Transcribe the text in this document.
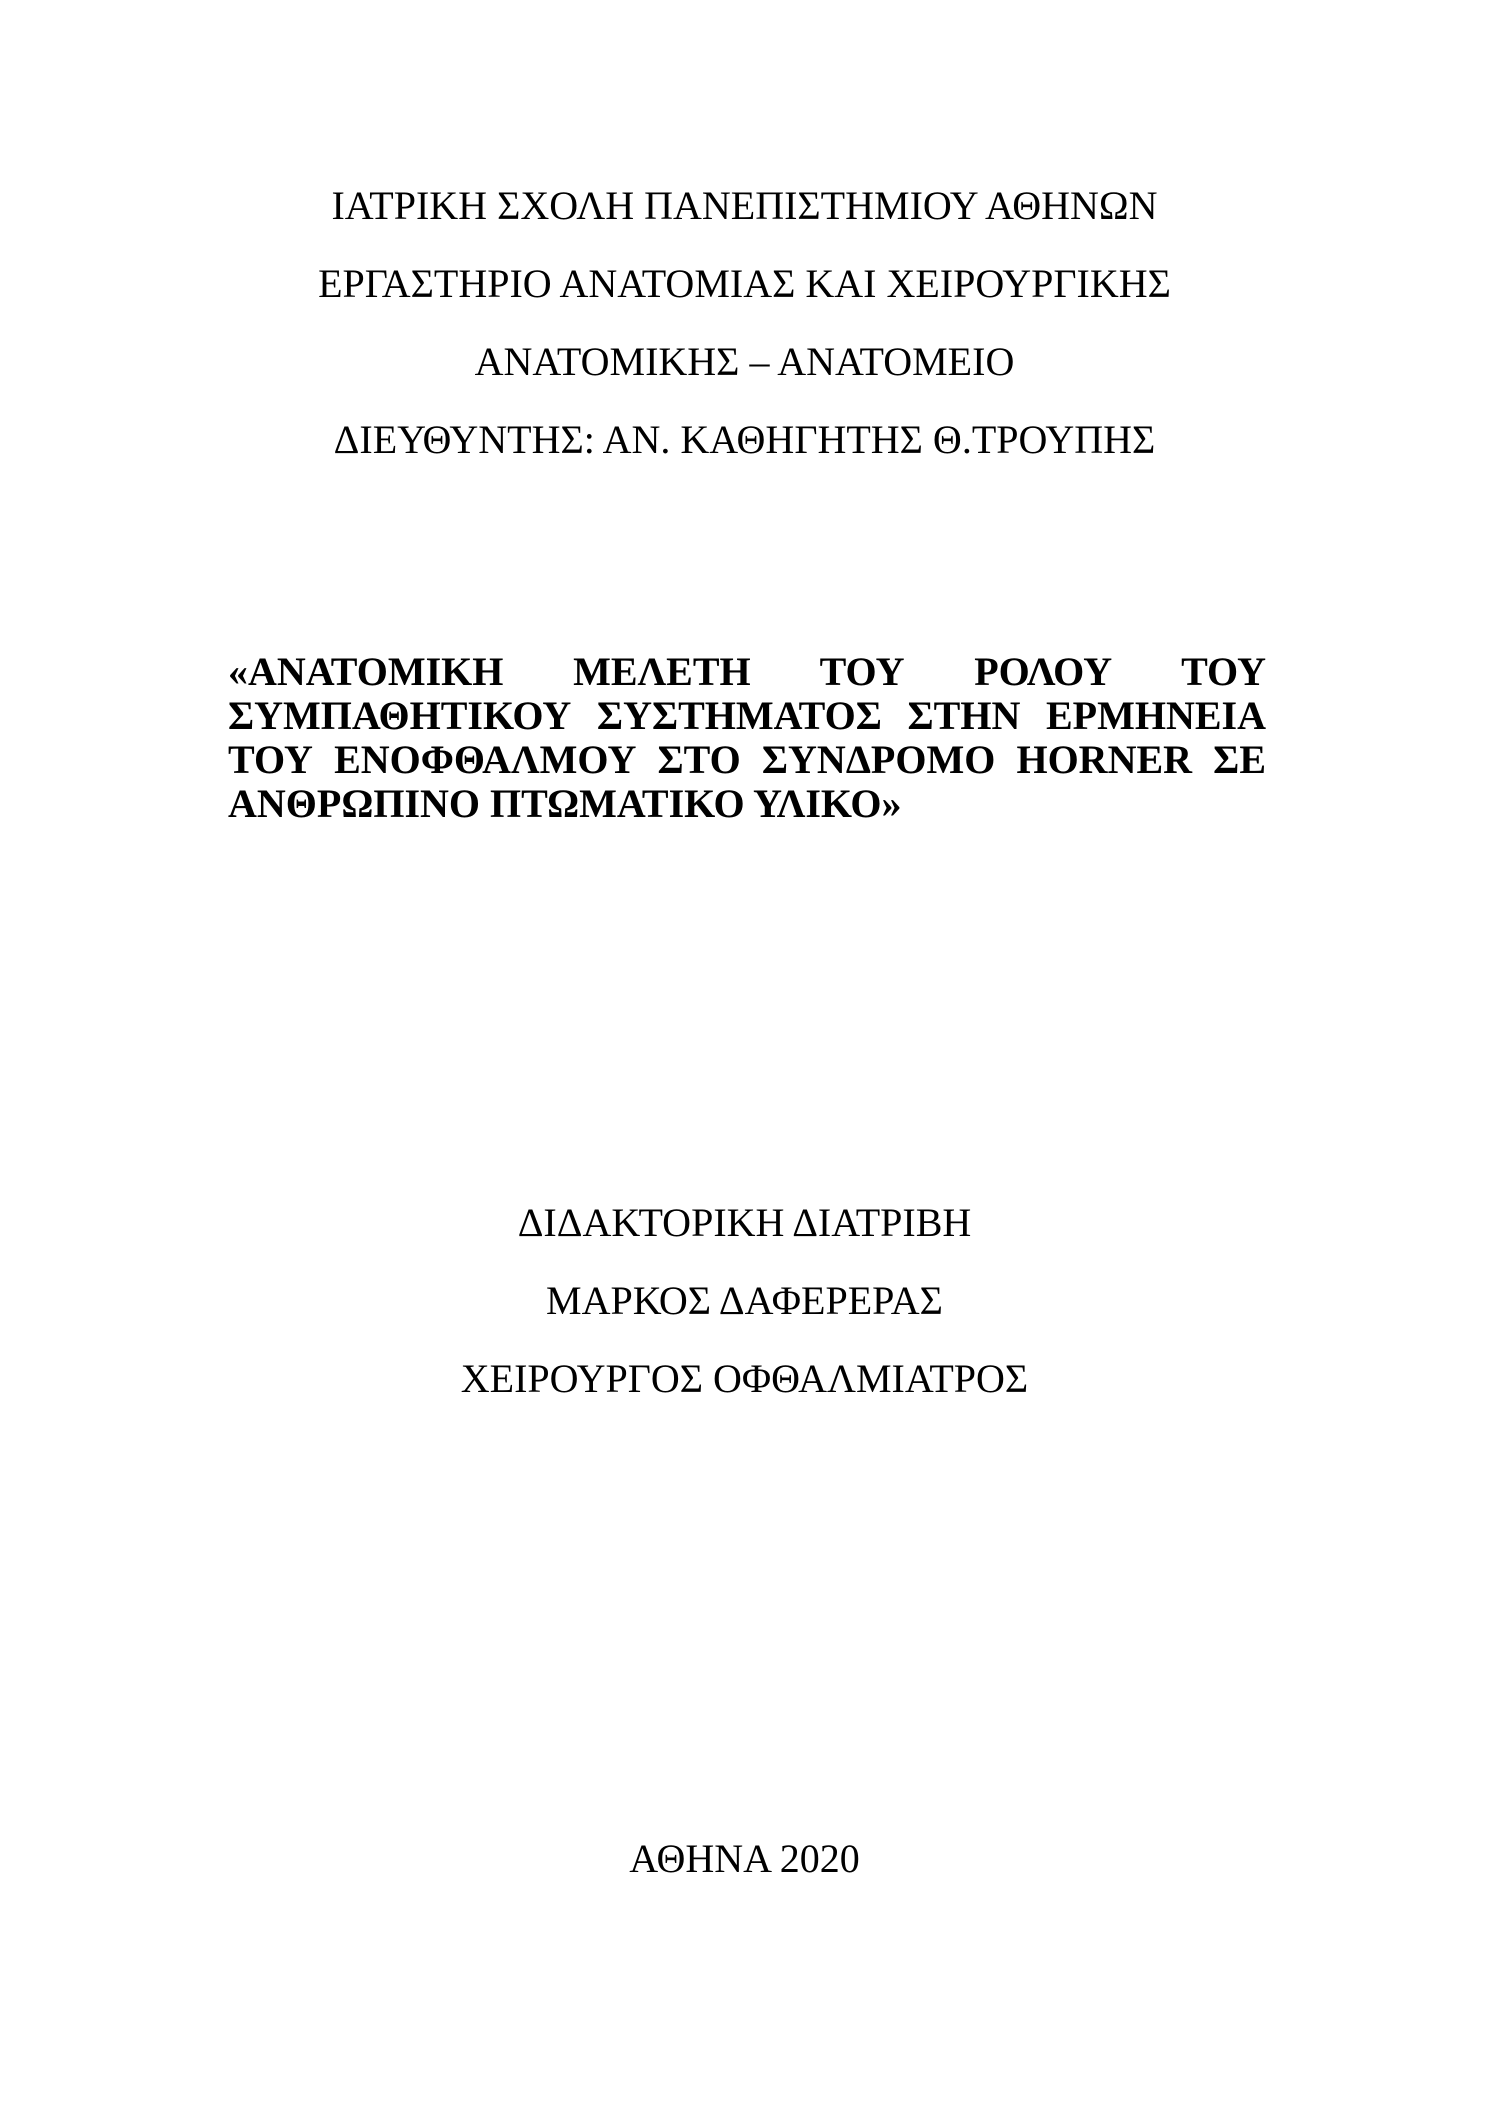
ΙΑΤΡΙΚΗ ΣΧΟΛΗ ΠΑΝΕΠΙΣΤΗΜΙΟΥ ΑΘΗΝΩΝ
ΕΡΓΑΣΤΗΡΙΟ ΑΝΑΤΟΜΙΑΣ ΚΑΙ ΧΕΙΡΟΥΡΓΙΚΗΣ
ΑΝΑΤΟΜΙΚΗΣ – ΑΝΑΤΟΜΕΙΟ
ΔΙΕΥΘΥΝΤΗΣ: ΑΝ. ΚΑΘΗΓΗΤΗΣ Θ.ΤΡΟΥΠΗΣ
«ΑΝΑΤΟΜΙΚΗ ΜΕΛΕΤΗ ΤΟΥ ΡΟΛΟΥ ΤΟΥ
ΣΥΜΠΑΘΗΤΙΚΟΥ ΣΥΣΤΗΜΑΤΟΣ ΣΤΗΝ ΕΡΜΗΝΕΙΑ
ΤΟΥ ΕΝΟΦΘΑΛΜΟΥ ΣΤΟ ΣΥΝΔΡΟΜΟ HORNER ΣΕ
ΑΝΘΡΩΠΙΝΟ ΠΤΩΜΑΤΙΚΟ ΥΛΙΚΟ»
ΔΙΔΑΚΤΟΡΙΚΗ ΔΙΑΤΡΙΒΗ
ΜΑΡΚΟΣ ΔΑΦΕΡΕΡΑΣ
ΧΕΙΡΟΥΡΓΟΣ ΟΦΘΑΛΜΙΑΤΡΟΣ
ΑΘΗΝΑ 2020
